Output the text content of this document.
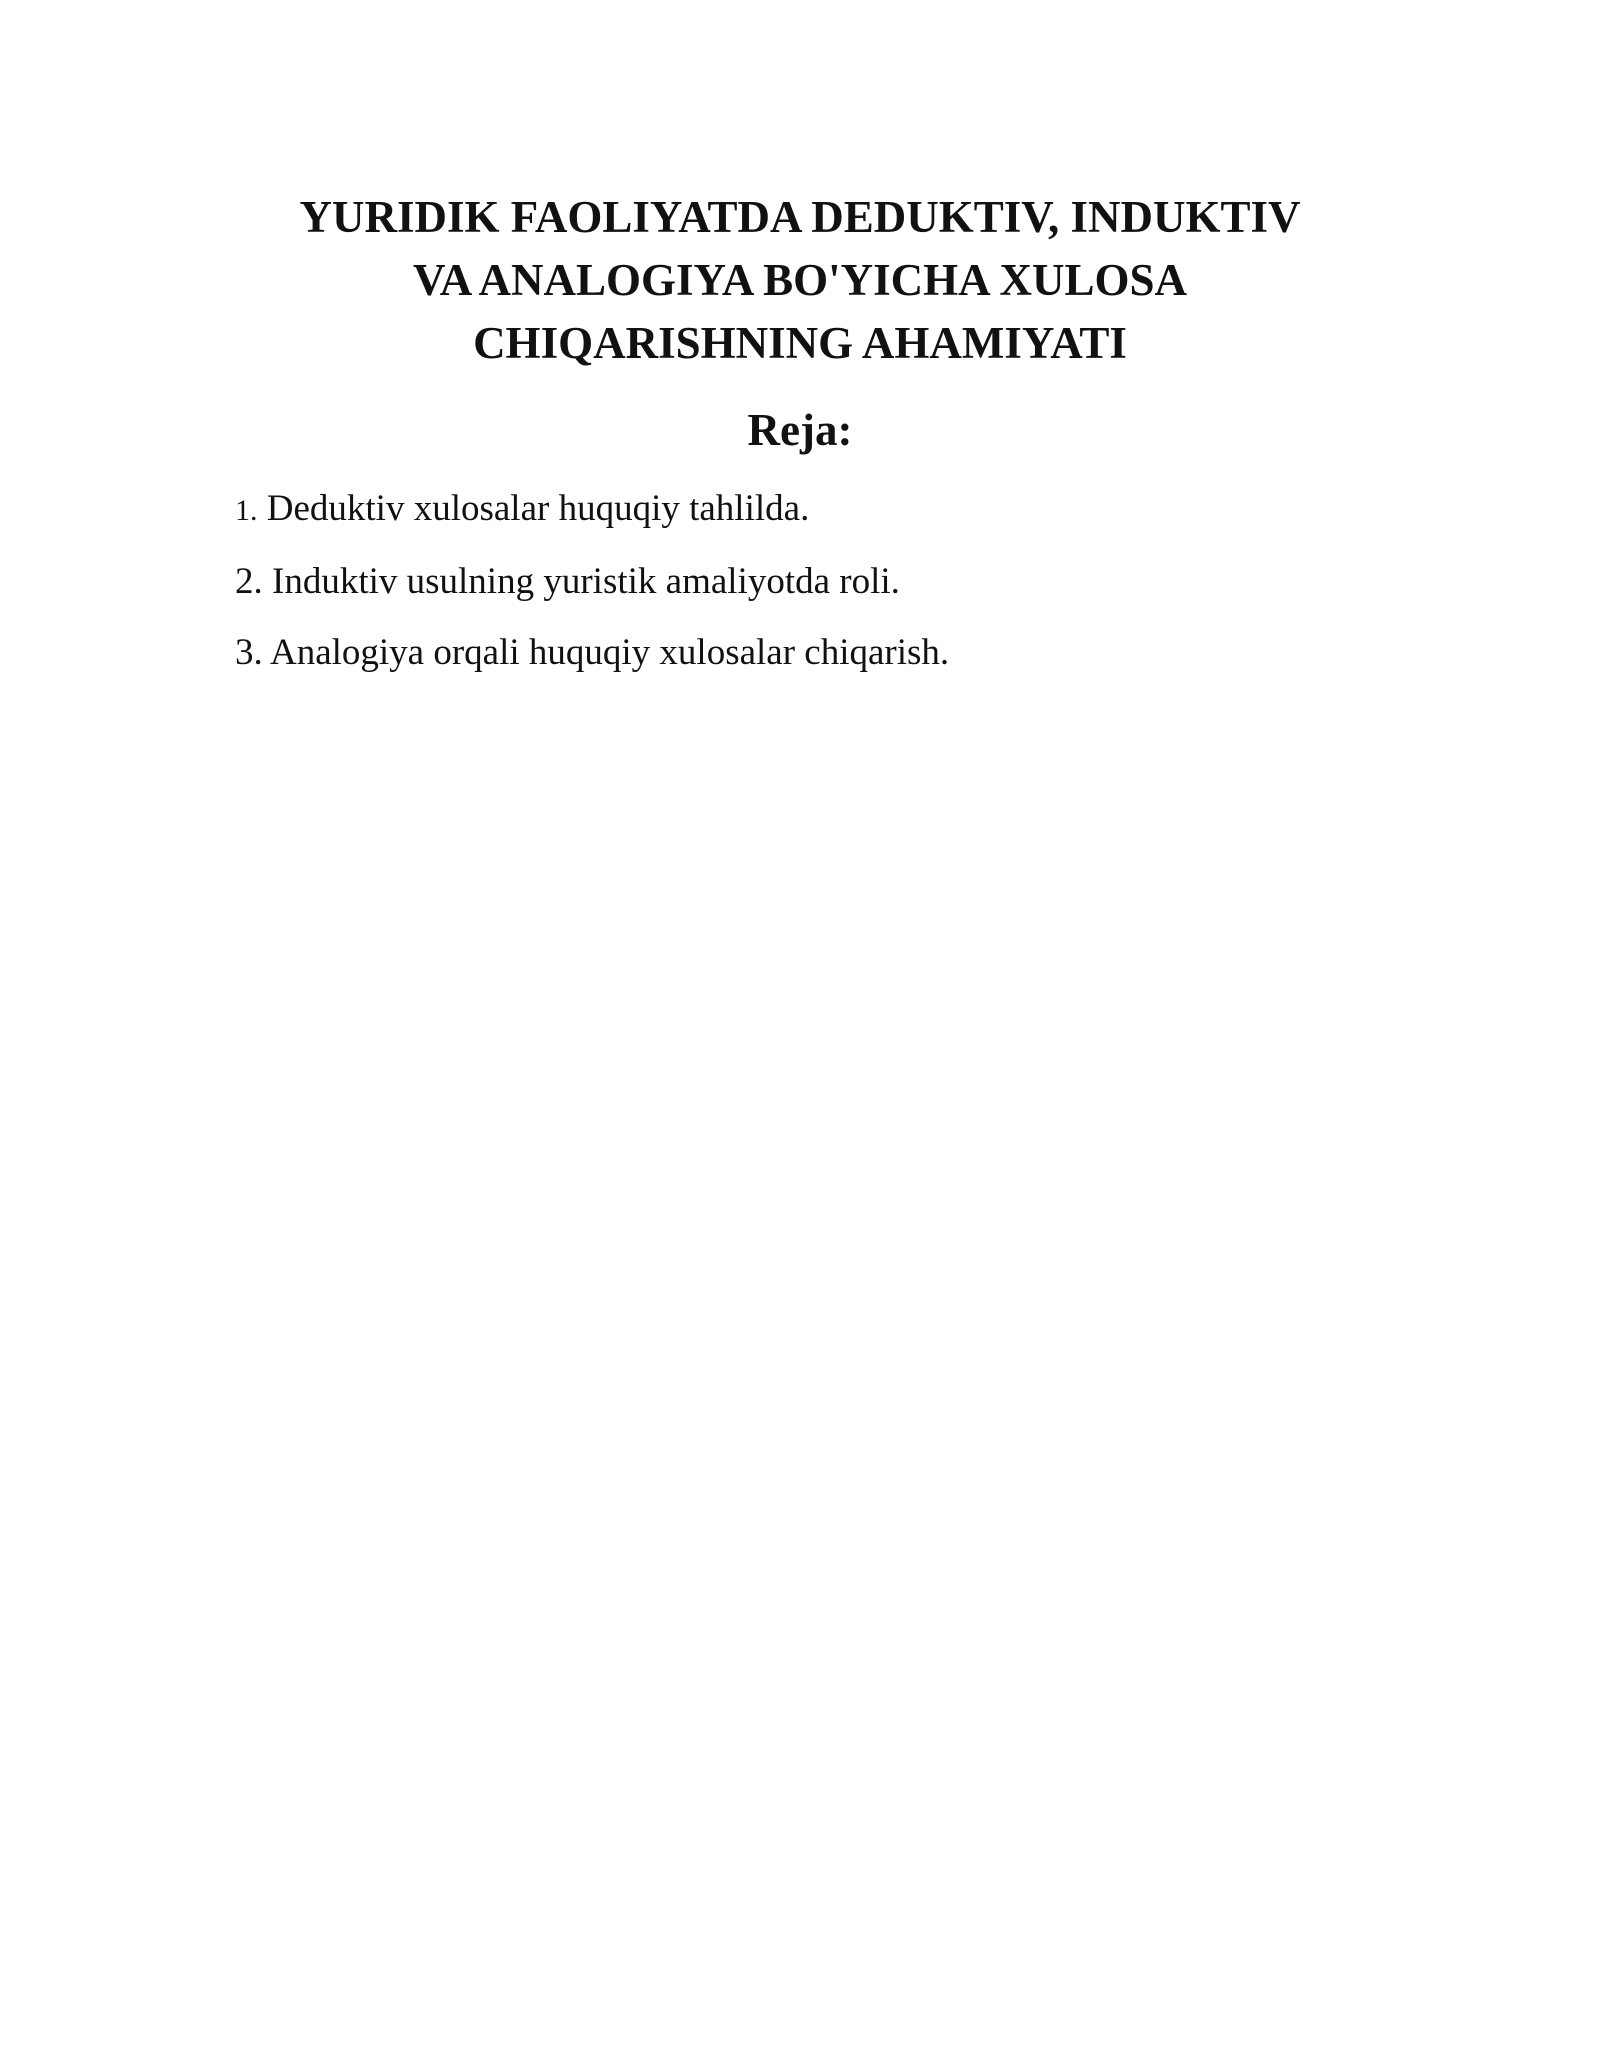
YURIDIK FAOLIYATDA DEDUKTIV, INDUKTIV
VA ANALOGIYA BO'YICHA XULOSA
CHIQARISHNING AHAMIYATI
Reja:
1. Deduktiv xulosalar huquqiy tahlilda.
2. Induktiv usulning yuristik amaliyotda roli.
3. Analogiya orqali huquqiy xulosalar chiqarish.
